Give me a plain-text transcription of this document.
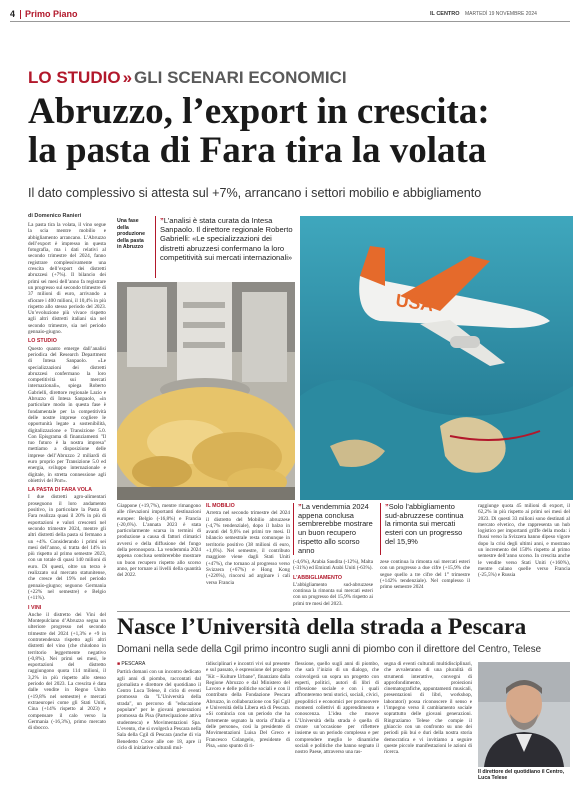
4 Primo Piano	IL CENTRO MARTEDÌ 19 NOVEMBRE 2024
LO STUDIO » GLI SCENARI ECONOMICI
Abruzzo, l’export in crescita:
la pasta di Fara tira la volata
Il dato complessivo si attesta sul +7%, arrancano i settori mobilio e abbigliamento
di Domenico Ranieri

La pasta tira la volata, il vino segue la scia mentre mobilio e abbigliamento arrancano. L’Abruzzo dell’export è impresso in questa fotografia, ma i dati relativi al secondo trimestre del 2024, fanno registrare complessivamente una crescita dell’export dei distretti abruzzesi (+7%). Il bilancio dei primi sei mesi dell’anno fa registrare un progresso sul secondo trimestre di 37 milioni di euro, arrivando a sfiorare i 400 milioni, il 10,4% in più rispetto allo stesso periodo del 2023. Un’evoluzione più vivace rispetto agli altri distretti italiani sia nel secondo trimestre, sia nel periodo gennaio-giugno.

LO STUDIO

Questo quanto emerge dall’analisi periodica del Research Department di Intesa Sanpaolo. «Le specializzazioni dei distretti abruzzesi confermano la loro competitività sui mercati internazionali», spiega Roberto Gabrielli, direttore regionale Lazio e Abruzzo di Intesa Sanpaolo, «in particolare modo in questa fase è fondamentale per la competitività delle nostre imprese cogliere le opportunità legate a sostenibilità, digitalizzazione e Transizione 5.0. Con Episgrama di finanziamenti "Il tuo futuro è la nostra impresa" mettiamo a disposizione delle imprese dell’Abruzzo 2 miliardi di euro proprio per Transizione 5.0 ed energia, sviluppo internazionale e digitale, in stretta connessione agli obiettivi del Pnrr».

LA PASTA DI FARA VOLA

I due distretti agro-alimentari proseguono il loro andamento positivo, in particolare la Pasta di Fara realizza quasi il 20% in più di esportazioni e valori crescenti nel secondo trimestre 2024, mentre gli altri distretti della pasta si fermano a un +4%. Considerando i primi sei mesi dell’anno, si tratta del 14% in più rispetto al primo semestre 2023, con un totale di quasi 140 milioni di euro. Di questi, oltre un terzo è realizzato sul mercato statunitense, che cresce del 19% nel periodo gennaio-giugno; seguono Germania (+22% nel semestre) e Belgio (+11%).

I VINI

Anche il distretto dei Vini del Montepulciano d’Abruzzo segna un ulteriore progresso nel secondo trimestre del 2024 (+1,3% e +9 in controtendenza rispetto agli altri distretti del vino (che chiudono in territorio leggermente negativo (-0,8%). Nei primi sei mesi, le esportazioni del distretto raggiungono quota 114 milioni, il 3,2% in più rispetto allo stesso periodo del 2023. La crescita è data dalle vendite in Regno Unito (+19,8% nel semestre) e mercati extraeuropei come gli Stati Uniti, Cina (+14% rispetto al 2023) e compensare il calo verso la Germania (-16,3%), primo mercato di sbocco.

Una fase della produzione della pasta in Abruzzo
”L’analisi è stata curata da Intesa Sanpaolo. Il direttore regionale Roberto Gabrielli: «Le specializzazioni dei distretti abruzzesi confermano la loro competitività sui mercati internazionali»
USA

Giappone (+19,7%), mentre rimangono alle rilevazioni importanti destinazioni europee: Belgio (-16,8%) e Francia (-20,6%). L’annata 2023 è stata particolarmente scarsa in termini di produzione a causa di fattori climatici avversi e della diffusione del fungo della peronospora. La vendemmia 2024 appena conclusa sembrerebbe mostrare un buon recupero rispetto allo scorso anno, per tornare ai livelli della quantità del 2022.

IL MOBILIO

Arretra nel secondo trimestre del 2024 il distretto del Mobilio abruzzese (-4,7% tendenziale), dopo il balzo in avanti del 9,6% nei primi tre mesi. Il bilancio semestrale resta comunque in territorio positivo (38 milioni di euro, +1,6%). Nel semestre, il contributo maggiore viene dagli Stati Uniti (+47%), che tornano al progresso verso Svizzera (+67%) e Hong Kong (+226%), rincorsi ad arginare i cali verso Francia

”La vendemmia 2024 appena conclusa sembrerebbe mostrare un buon recupero rispetto allo scorso anno

(-4,6%), Arabia Saudita (-12%), Malta (-31%) ed Emirati Arabi Uniti (-63%).

L’ABBIGLIAMENTO

L’abbigliamento sud-abruzzese continua la rimonta sui mercati esteri con un progresso del 15,9% rispetto ai primi tre mesi del 2023.

”Solo l’abbigliamento sud-abruzzese continua la rimonta sui mercati esteri con un progresso del 15,9%

zese continua la rimonta sui mercati esteri con un progresso a due cifre (+15,9% che segue quello a tre cifre del 1° trimestre (+142% tendenziale). Nel complesso il primo semestre 2024

raggiunge quota 45 milioni di export, il 62,2% in più rispetto ai primi sei mesi del 2023. Di questi 33 milioni sono destinati al mercato elvetico, che rappresenta un hub logistico per importanti griffe della moda: i flussi verso la Svizzera hanno dipeso vigore dopo la crisi degli ultimi anni, e mostrano un incremento del 150% rispetto al primo semestre dell’anno scorso. In crescita anche le vendite verso Stati Uniti (+160%), mentre calano quelle verso Francia (-25,5%) e Russia

Nasce l’Università della strada a Pescara
Domani nella sede della Cgil primo incontro sugli anni di piombo con il direttore del Centro, Telese
■ PESCARA

Partirà domani con un incontro dedicato agli anni di piombo, raccontati dal giornalista e direttore del quotidiano il Centro Luca Telese, il ciclo di eventi promosso da "L’Università della strada", un percorso di "educazione popolare" per le giovani generazioni promossa da Pisa (Partecipazione attiva studentesca) e Movimentazioni Spa. L’evento, che si svolgerà a Pescara nella Sala della Cgil di Pescara (anche di via Benedetto Croce alle ore 18, apre il ciclo di iniziative culturali mul-

tidisciplinari e incontri vivi sul presente e sul passato, è espressione del progetto "Kit – Kulture Urbane", finanziato dalla Regione Abruzzo e dal Ministero del Lavoro e delle politiche sociali e con il contributo della Fondazione Pescara Abruzzo, in collaborazione con Spi Cgil e Università della Libera età di Pescara. «Si comincia con un periodo che ha fortemente segnato la storia d’Italia e delle persone», così la presidente di Movimentazioni Luisa Del Greco e Francesco Colangelo, presidente di Pisa, «uno spunto di ri-

flessione, quello sugli anni di piombo, che sarà l’inizio di un dialogo, che coinvolgerà un sopra un progetto con esperti, politici, autori di libri di riflessione sociale e con i quali affronteremo temi storici, sociali, civici, geopolitici e economici per promuovere momenti collettivi di apprendimento e conoscenza. L’idea che muove L’Università della strada è quella di creare un’occasione per riflettere insieme su un periodo complesso e per comprendere meglio le dinamiche sociali e politiche che hanno segnato il nostro Paese, attraverso una ras-

segna di eventi culturali multidisciplinari, che avvaleranno di una pluralità di strumenti interattive, convegni di approfondimento, proiezioni cinematografiche, appuntamenti musicali, presentazioni di libri, workshop, laboratori) possa riconoscere il senso e l’impegno verso il cambiamento sociale soprattutto delle giovani generazioni. Ringraziamo Telese che compie il ghiaccio con un confronto su uno dei periodi più bui e duri della nostra storia democratica e vi invitiamo a seguire queste piccole manifestazioni le azioni di ricerca.

Il direttore del quotidiano il Centro, Luca Telese
